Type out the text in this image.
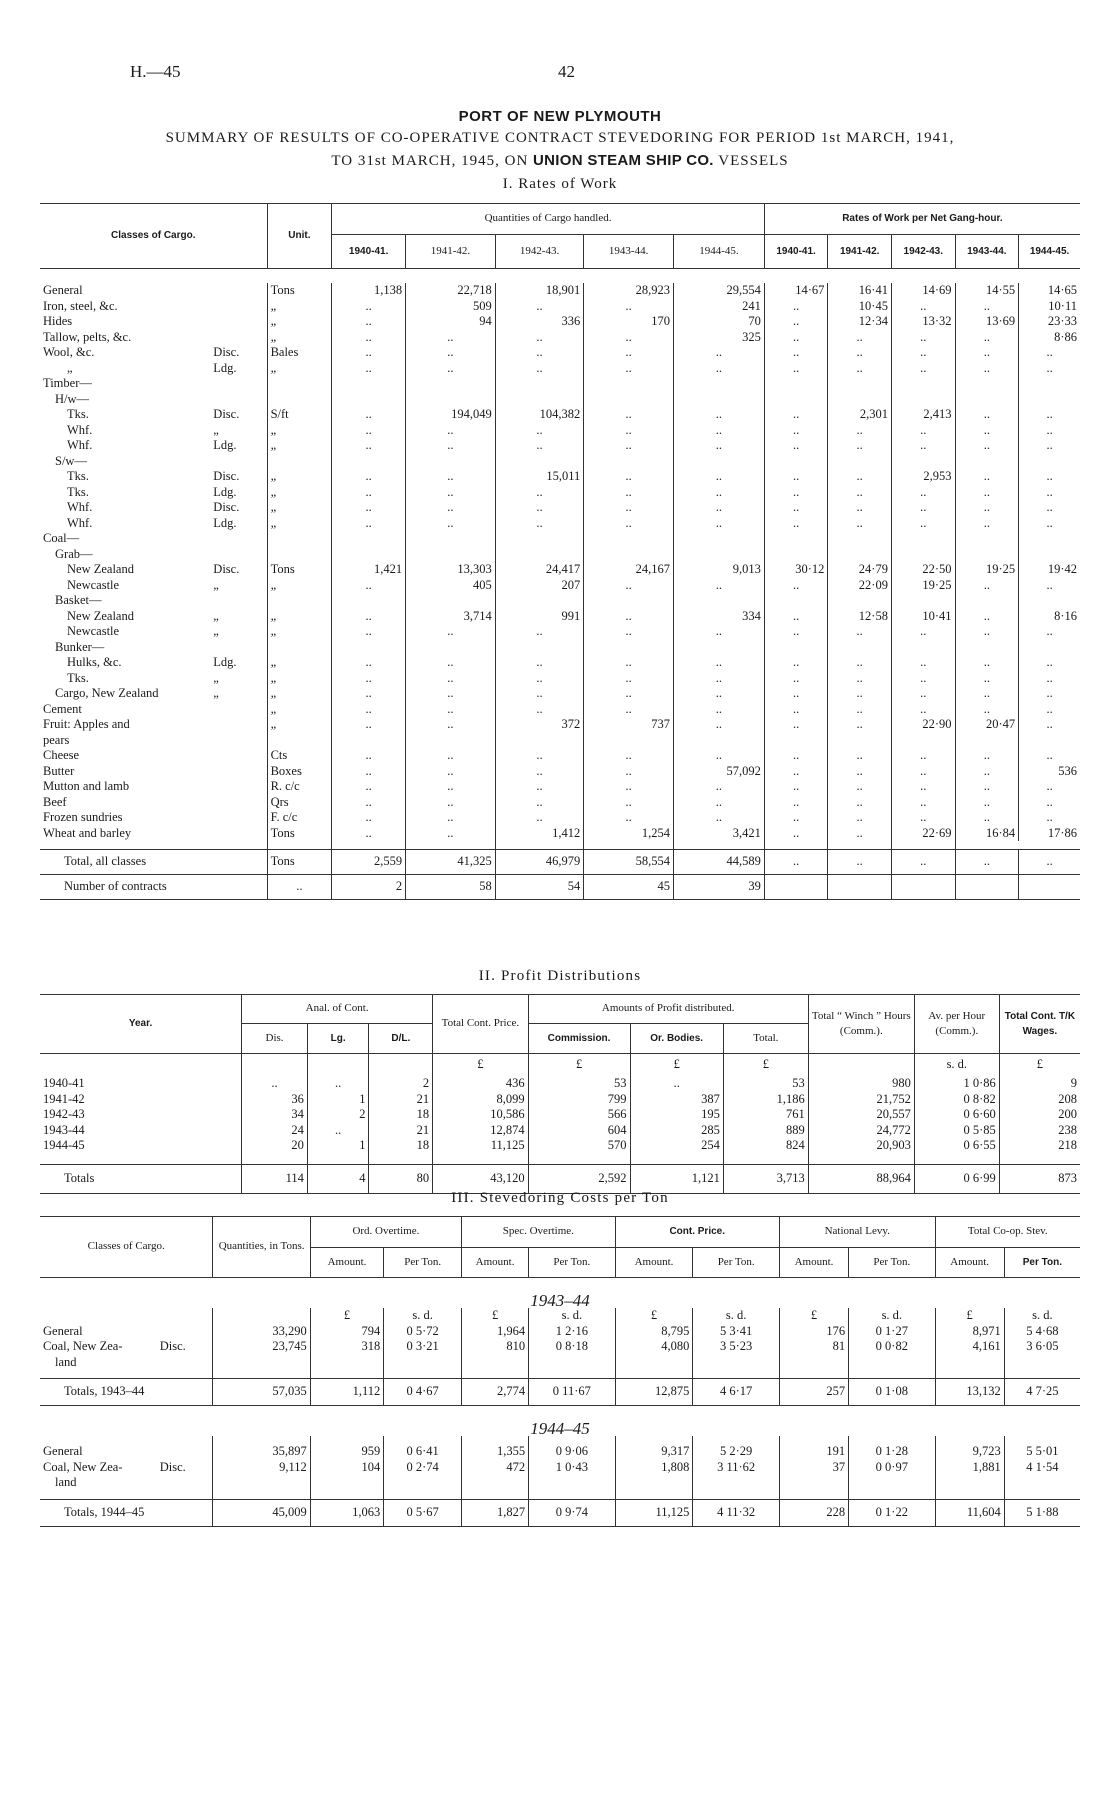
H.—45	42
PORT OF NEW PLYMOUTH
SUMMARY OF RESULTS OF CO-OPERATIVE CONTRACT STEVEDORING FOR PERIOD 1st MARCH, 1941,
TO 31st MARCH, 1945, ON UNION STEAM SHIP CO. VESSELS
I. Rates of Work
Classes of Cargo.		Unit.	Quantities of Cargo handled.					Rates of Work per Net Gang-hour.				
			1940-41.	1941-42.	1942-43.	1943-44.	1944-45.	1940-41.	1941-42.	1942-43.	1943-44.	1944-45.

General		Tons	1,138	22,718	18,901	28,923	29,554	14·67	16·41	14·69	14·55	14·65
Iron, steel, &c.		„	..	509	..	..	241	..	10·45	..	..	10·11
Hides		„	..	94	336	170	70	..	12·34	13·32	13·69	23·33
Tallow, pelts, &c.		„	..	..	..	..	325	..	..	..	..	8·86
Wool, &c.	Disc.	Bales	..	..	..	..	..	..	..	..	..	..
„	Ldg.	„	..	..	..	..	..	..	..	..	..	..
Timber—												
H/w—												
Tks.	Disc.	S/ft	..	194,049	104,382	..	..	..	2,301	2,413	..	..
Whf.	„	„	..	..	..	..	..	..	..	..	..	..
Whf.	Ldg.	„	..	..	..	..	..	..	..	..	..	..
S/w—												
Tks.	Disc.	„	..	..	15,011	..	..	..	..	2,953	..	..
Tks.	Ldg.	„	..	..	..	..	..	..	..	..	..	..
Whf.	Disc.	„	..	..	..	..	..	..	..	..	..	..
Whf.	Ldg.	„	..	..	..	..	..	..	..	..	..	..
Coal—												
Grab—												
New Zealand	Disc.	Tons	1,421	13,303	24,417	24,167	9,013	30·12	24·79	22·50	19·25	19·42
Newcastle	„	„	..	405	207	..	..	..	22·09	19·25	..	..
Basket—												
New Zealand	„	„	..	3,714	991	..	334	..	12·58	10·41	..	8·16
Newcastle	„	„	..	..	..	..	..	..	..	..	..	..
Bunker—												
Hulks, &c.	Ldg.	„	..	..	..	..	..	..	..	..	..	..
Tks.	„	„	..	..	..	..	..	..	..	..	..	..
Cargo, New Zealand	„	„	..	..	..	..	..	..	..	..	..	..
Cement		„	..	..	..	..	..	..	..	..	..	..
Fruit: Apples and		„	..	..	372	737	..	..	..	22·90	20·47	..
pears												
Cheese		Cts	..	..	..	..	..	..	..	..	..	..
Butter		Boxes	..	..	..	..	57,092	..	..	..	..	536
Mutton and lamb		R. c/c	..	..	..	..	..	..	..	..	..	..
Beef		Qrs	..	..	..	..	..	..	..	..	..	..
Frozen sundries		F. c/c	..	..	..	..	..	..	..	..	..	..
Wheat and barley		Tons	..	..	1,412	1,254	3,421	..	..	22·69	16·84	17·86

Total, all classes		Tons	2,559	41,325	46,979	58,554	44,589	..	..	..	..	..
Number of contracts		..	2	58	54	45	39					
II. Profit Distributions
Year.	Anal. of Cont.			Total Cont. Price.	Amounts of Profit distributed.			Total “ Winch ” Hours (Comm.).	Av. per Hour (Comm.).	Total Cont. T/K Wages.
	Dis.	Lg.	D/L.		Commission.	Or. Bodies.	Total.			
				£	£	£	£		s. d.	£
1940-41	..	..	2	436	53	..	53	980	1 0·86	9
1941-42	36	1	21	8,099	799	387	1,186	21,752	0 8·82	208
1942-43	34	2	18	10,586	566	195	761	20,557	0 6·60	200
1943-44	24	..	21	12,874	604	285	889	24,772	0 5·85	238
1944-45	20	1	18	11,125	570	254	824	20,903	0 6·55	218

Totals	114	4	80	43,120	2,592	1,121	3,713	88,964	0 6·99	873
III. Stevedoring Costs per Ton
Classes of Cargo.		Quantities, in Tons.	Ord. Overtime.		Spec. Overtime.		Cont. Price.		National Levy.		Total Co-op. Stev.	
			Amount.	Per Ton.	Amount.	Per Ton.	Amount.	Per Ton.	Amount.	Per Ton.	Amount.	Per Ton.
1943–44												
			£	s. d.	£	s. d.	£	s. d.	£	s. d.	£	s. d.

General		33,290	794	0 5·72	1,964	1 2·16	8,795	5 3·41	176	0 1·27	8,971	5 4·68

Coal, New Zea-
land	Disc.	23,745	318	0 3·21	810	0 8·18	4,080	3 5·23	81	0 0·82	4,161	3 6·05

Totals, 1943–44		57,035	1,112	0 4·67	2,774	0 11·67	12,875	4 6·17	257	0 1·08	13,132	4 7·25
1944–45												

General		35,897	959	0 6·41	1,355	0 9·06	9,317	5 2·29	191	0 1·28	9,723	5 5·01

Coal, New Zea-
land	Disc.	9,112	104	0 2·74	472	1 0·43	1,808	3 11·62	37	0 0·97	1,881	4 1·54

Totals, 1944–45		45,009	1,063	0 5·67	1,827	0 9·74	11,125	4 11·32	228	0 1·22	11,604	5 1·88
